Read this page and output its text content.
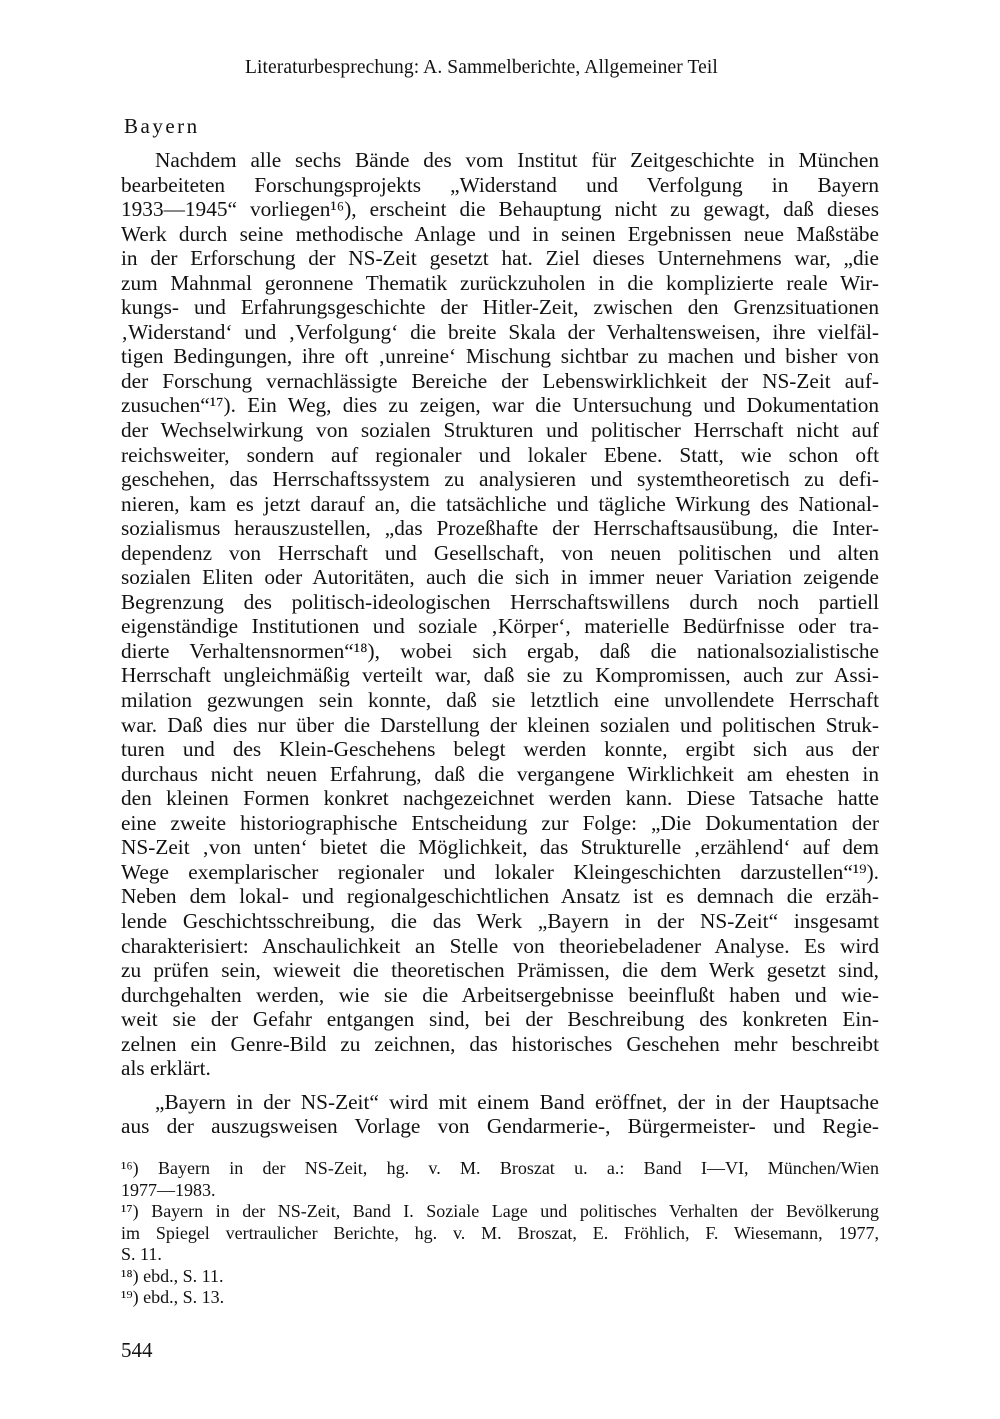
Literaturbesprechung: A. Sammelberichte, Allgemeiner Teil
Bayern
Nachdem alle sechs Bände des vom Institut für Zeitgeschichte in München
bearbeiteten Forschungsprojekts „Widerstand und Verfolgung in Bayern
1933—1945“ vorliegen¹⁶), erscheint die Behauptung nicht zu gewagt, daß dieses
Werk durch seine methodische Anlage und in seinen Ergebnissen neue Maßstäbe
in der Erforschung der NS-Zeit gesetzt hat. Ziel dieses Unternehmens war, „die
zum Mahnmal geronnene Thematik zurückzuholen in die komplizierte reale Wir-
kungs- und Erfahrungsgeschichte der Hitler-Zeit, zwischen den Grenzsituationen
‚Widerstand‘ und ‚Verfolgung‘ die breite Skala der Verhaltensweisen, ihre vielfäl-
tigen Bedingungen, ihre oft ‚unreine‘ Mischung sichtbar zu machen und bisher von
der Forschung vernachlässigte Bereiche der Lebenswirklichkeit der NS-Zeit auf-
zusuchen“¹⁷). Ein Weg, dies zu zeigen, war die Untersuchung und Dokumentation
der Wechselwirkung von sozialen Strukturen und politischer Herrschaft nicht auf
reichsweiter, sondern auf regionaler und lokaler Ebene. Statt, wie schon oft
geschehen, das Herrschaftssystem zu analysieren und systemtheoretisch zu defi-
nieren, kam es jetzt darauf an, die tatsächliche und tägliche Wirkung des National-
sozialismus herauszustellen, „das Prozeßhafte der Herrschaftsausübung, die Inter-
dependenz von Herrschaft und Gesellschaft, von neuen politischen und alten
sozialen Eliten oder Autoritäten, auch die sich in immer neuer Variation zeigende
Begrenzung des politisch-ideologischen Herrschaftswillens durch noch partiell
eigenständige Institutionen und soziale ‚Körper‘, materielle Bedürfnisse oder tra-
dierte Verhaltensnormen“¹⁸), wobei sich ergab, daß die nationalsozialistische
Herrschaft ungleichmäßig verteilt war, daß sie zu Kompromissen, auch zur Assi-
milation gezwungen sein konnte, daß sie letztlich eine unvollendete Herrschaft
war. Daß dies nur über die Darstellung der kleinen sozialen und politischen Struk-
turen und des Klein-Geschehens belegt werden konnte, ergibt sich aus der
durchaus nicht neuen Erfahrung, daß die vergangene Wirklichkeit am ehesten in
den kleinen Formen konkret nachgezeichnet werden kann. Diese Tatsache hatte
eine zweite historiographische Entscheidung zur Folge: „Die Dokumentation der
NS-Zeit ‚von unten‘ bietet die Möglichkeit, das Strukturelle ‚erzählend‘ auf dem
Wege exemplarischer regionaler und lokaler Kleingeschichten darzustellen“¹⁹).
Neben dem lokal- und regionalgeschichtlichen Ansatz ist es demnach die erzäh-
lende Geschichtsschreibung, die das Werk „Bayern in der NS-Zeit“ insgesamt
charakterisiert: Anschaulichkeit an Stelle von theoriebeladener Analyse. Es wird
zu prüfen sein, wieweit die theoretischen Prämissen, die dem Werk gesetzt sind,
durchgehalten werden, wie sie die Arbeitsergebnisse beeinflußt haben und wie-
weit sie der Gefahr entgangen sind, bei der Beschreibung des konkreten Ein-
zelnen ein Genre-Bild zu zeichnen, das historisches Geschehen mehr beschreibt
als erklärt.
„Bayern in der NS-Zeit“ wird mit einem Band eröffnet, der in der Hauptsache
aus der auszugsweisen Vorlage von Gendarmerie-, Bürgermeister- und Regie-
¹⁶) Bayern in der NS-Zeit, hg. v. M. Broszat u. a.: Band I—VI, München/Wien
1977—1983.
¹⁷) Bayern in der NS-Zeit, Band I. Soziale Lage und politisches Verhalten der Bevölkerung
im Spiegel vertraulicher Berichte, hg. v. M. Broszat, E. Fröhlich, F. Wiesemann, 1977,
S. 11.
¹⁸) ebd., S. 11.
¹⁹) ebd., S. 13.
544
